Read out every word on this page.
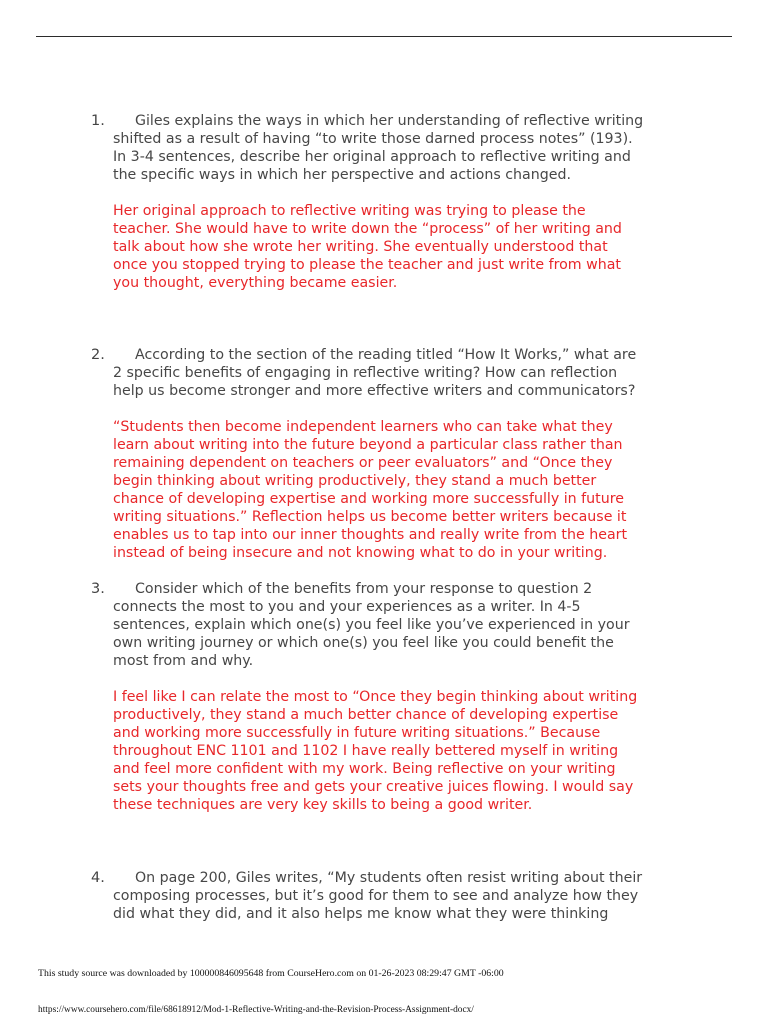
1.	Giles explains the ways in which her understanding of reflective writing
shifted as a result of having “to write those darned process notes” (193).
In 3-4 sentences, describe her original approach to reflective writing and
the specific ways in which her perspective and actions changed.
Her original approach to reflective writing was trying to please the
teacher. She would have to write down the “process” of her writing and
talk about how she wrote her writing. She eventually understood that
once you stopped trying to please the teacher and just write from what
you thought, everything became easier.
2.	According to the section of the reading titled “How It Works,” what are
2 specific benefits of engaging in reflective writing? How can reflection
help us become stronger and more effective writers and communicators?
“Students then become independent learners who can take what they
learn about writing into the future beyond a particular class rather than
remaining dependent on teachers or peer evaluators” and “Once they
begin thinking about writing productively, they stand a much better
chance of developing expertise and working more successfully in future
writing situations.” Reflection helps us become better writers because it
enables us to tap into our inner thoughts and really write from the heart
instead of being insecure and not knowing what to do in your writing.
3.	Consider which of the benefits from your response to question 2
connects the most to you and your experiences as a writer. In 4-5
sentences, explain which one(s) you feel like you’ve experienced in your
own writing journey or which one(s) you feel like you could benefit the
most from and why.
I feel like I can relate the most to “Once they begin thinking about writing
productively, they stand a much better chance of developing expertise
and working more successfully in future writing situations.” Because
throughout ENC 1101 and 1102 I have really bettered myself in writing
and feel more confident with my work. Being reflective on your writing
sets your thoughts free and gets your creative juices flowing. I would say
these techniques are very key skills to being a good writer.
4.	On page 200, Giles writes, “My students often resist writing about their
composing processes, but it’s good for them to see and analyze how they
did what they did, and it also helps me know what they were thinking
This study source was downloaded by 100000846095648 from CourseHero.com on 01-26-2023 08:29:47 GMT -06:00
https://www.coursehero.com/file/68618912/Mod-1-Reflective-Writing-and-the-Revision-Process-Assignment-docx/
